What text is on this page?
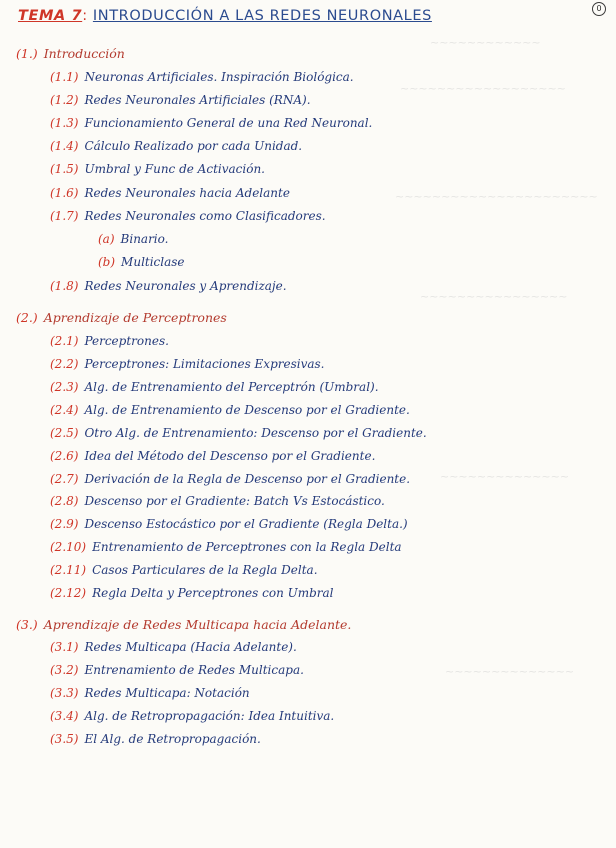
~~~~~~~~~~~~
~~~~~~~~~~~~~~~~~~
~~~~~~~~~~~~~~~~~~~~~~
~~~~~~~~~~~~~~~~
~~~~~~~~~~~~~~
~~~~~~~~~~~~~~
0
TEMA 7: INTRODUCCIÓN A LAS REDES NEURONALES
(1.) Introducción
(1.1) Neuronas Artificiales. Inspiración Biológica.
(1.2) Redes Neuronales Artificiales (RNA).
(1.3) Funcionamiento General de una Red Neuronal.
(1.4) Cálculo Realizado por cada Unidad.
(1.5) Umbral y Func de Activación.
(1.6) Redes Neuronales hacia Adelante
(1.7) Redes Neuronales como Clasificadores.
(a) Binario.
(b) Multiclase
(1.8) Redes Neuronales y Aprendizaje.
(2.) Aprendizaje de Perceptrones
(2.1) Perceptrones.
(2.2) Perceptrones: Limitaciones Expresivas.
(2.3) Alg. de Entrenamiento del Perceptrón (Umbral).
(2.4) Alg. de Entrenamiento de Descenso por el Gradiente.
(2.5) Otro Alg. de Entrenamiento: Descenso por el Gradiente.
(2.6) Idea del Método del Descenso por el Gradiente.
(2.7) Derivación de la Regla de Descenso por el Gradiente.
(2.8) Descenso por el Gradiente: Batch Vs Estocástico.
(2.9) Descenso Estocástico por el Gradiente (Regla Delta.)
(2.10) Entrenamiento de Perceptrones con la Regla Delta
(2.11) Casos Particulares de la Regla Delta.
(2.12) Regla Delta y Perceptrones con Umbral
(3.) Aprendizaje de Redes Multicapa hacia Adelante.
(3.1) Redes Multicapa (Hacia Adelante).
(3.2) Entrenamiento de Redes Multicapa.
(3.3) Redes Multicapa: Notación
(3.4) Alg. de Retropropagación: Idea Intuitiva.
(3.5) El Alg. de Retropropagación.
